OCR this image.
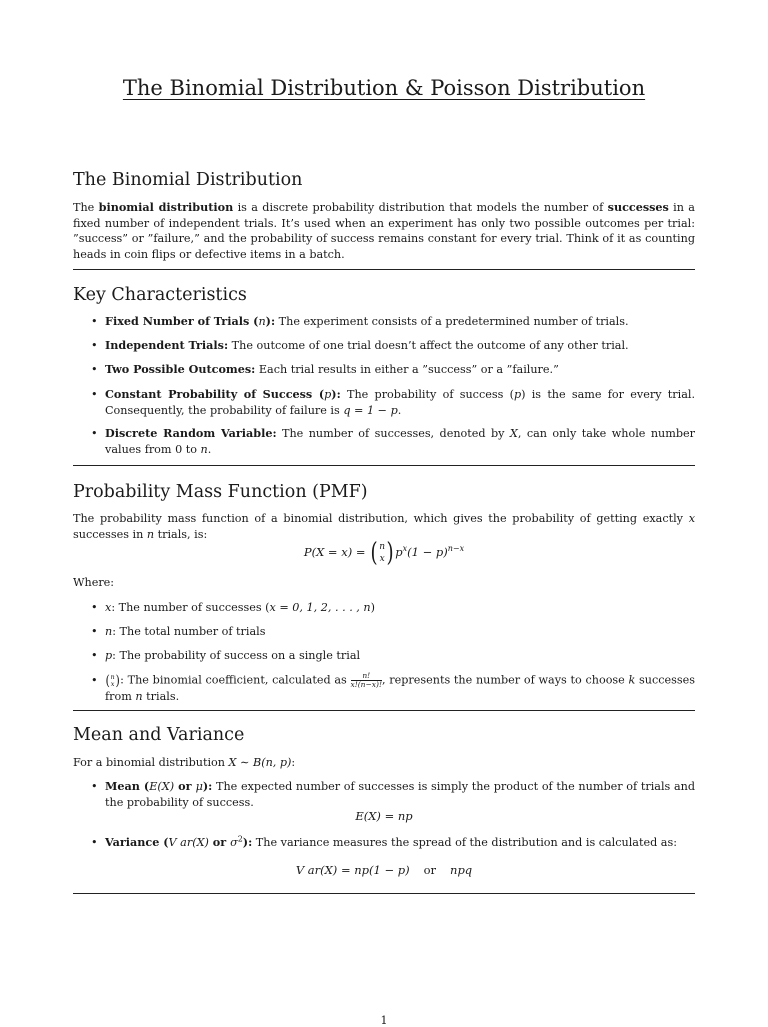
The Binomial Distribution & Poisson Distribution
The Binomial Distribution

The binomial distribution is a discrete probability distribution that models the number of successes in a fixed number of independent trials. It’s used when an experiment has only two possible outcomes per trial: ”success” or ”failure,” and the probability of success remains constant for every trial. Think of it as counting heads in coin flips or defective items in a batch.

Key Characteristics
• Fixed Number of Trials (n): The experiment consists of a predetermined number of trials.

• Independent Trials: The outcome of one trial doesn’t affect the outcome of any other trial.

• Two Possible Outcomes: Each trial results in either a ”success” or a ”failure.”

• Constant Probability of Success (p): The probability of success (p) is the same for every trial. Consequently, the probability of failure is q = 1 − p.

• Discrete Random Variable: The number of successes, denoted by X, can only take whole number values from 0 to n.

Probability Mass Function (PMF)

The probability mass function of a binomial distribution, which gives the probability of getting exactly x successes in n trials, is:

P(X = x) = ( n
x ) $p^x(1 - p)^{n-x}$

Where:

• x: The number of successes (x = 0, 1, 2, . . . , n)

• n: The total number of trials

• p: The probability of success on a single trial

• ( n
x ) : The binomial coefficient, calculated as $\frac{n!}{x!(n-x)!}$ , represents the number of ways to choose k successes from n trials.

Mean and Variance

For a binomial distribution X ∼ B(n, p):

• Mean (E(X) or μ): The expected number of successes is simply the product of the number of trials and the probability of success.

E(X) = np
• Variance (V ar(X) or $\sigma^2$): The variance measures the spread of the distribution and is calculated as:

V ar(X) = np(1 − p) or npq
1
